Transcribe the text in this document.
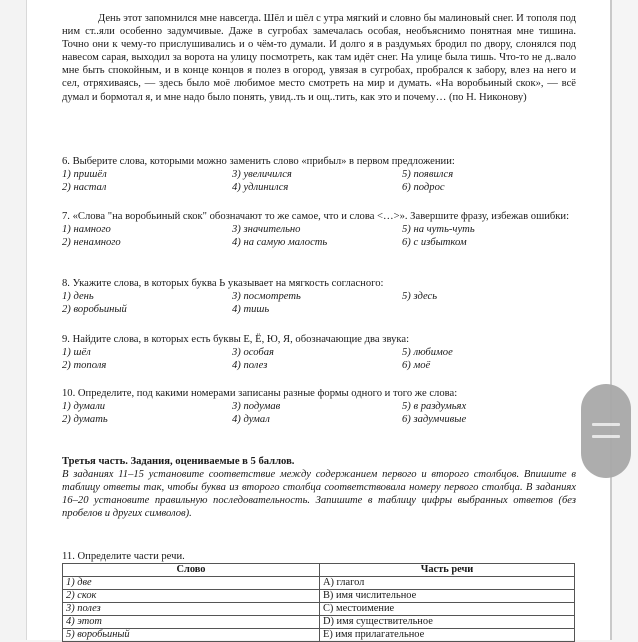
День этот запомнился мне навсегда. Шёл и шёл с утра мягкий и словно бы малиновый снег. И тополя под ним ст..яли особенно задумчивые. Даже в сугробах замечалась особая, необъяснимо понятная мне тишина. Точно они к чему-то прислушивались и о чём-то думали. И долго я в раздумьях бродил по двору, слонялся под навесом сарая, выходил за ворота на улицу посмотреть, как там идёт снег. На улице была тишь. Что-то не д..вало мне быть спокойным, и в конце концов я полез в огород, увязая в сугробах, пробрался к забору, влез на него и сел, отряхиваясь, — здесь было моё любимое место смотреть на мир и думать. «На воробьиный скок», — всё думал и бормотал я, и мне надо было понять, увид..ть и ощ..тить, как это и почему… (по Н. Никонову)

6. Выберите слова, которыми можно заменить слово «прибыл» в первом предложении:

1) пришёл	3) увеличился	5) появился
2) настал	4) удлинился	6) подрос

7. «Слова "на воробьиный скок" обозначают то же самое, что и слова <…>». Завершите фразу, избежав ошибки:

1) намного	3) значительно	5) на чуть-чуть
2) ненамного	4) на самую малость	6) с избытком

8. Укажите слова, в которых буква Ь указывает на мягкость согласного:

1) день	3) посмотреть	5) здесь
2) воробьиный	4) тишь

9. Найдите слова, в которых есть буквы Е, Ё, Ю, Я, обозначающие два звука:

1) шёл	3) особая	5) любимое
2) тополя	4) полез	6) моё

10. Определите, под какими номерами записаны разные формы одного и того же слова:

1) думали	3) подумав	5) в раздумьях
2) думать	4) думал	6) задумчивые

Третья часть. Задания, оцениваемые в 5 баллов.

В заданиях 11–15 установите соответствие между содержанием первого и второго столбцов. Впишите в таблицу ответы так, чтобы буква из второго столбца соответствовала номеру первого столбца. В заданиях 16–20 установите правильную последовательность. Запишите в таблицу цифры выбранных ответов (без пробелов и других символов).

11. Определите части речи.

Слово	Часть речи
1) две	A) глагол
2) скок	B) имя числительное
3) полез	C) местоимение
4) этот	D) имя существительное
5) воробьиный	E) имя прилагательное
